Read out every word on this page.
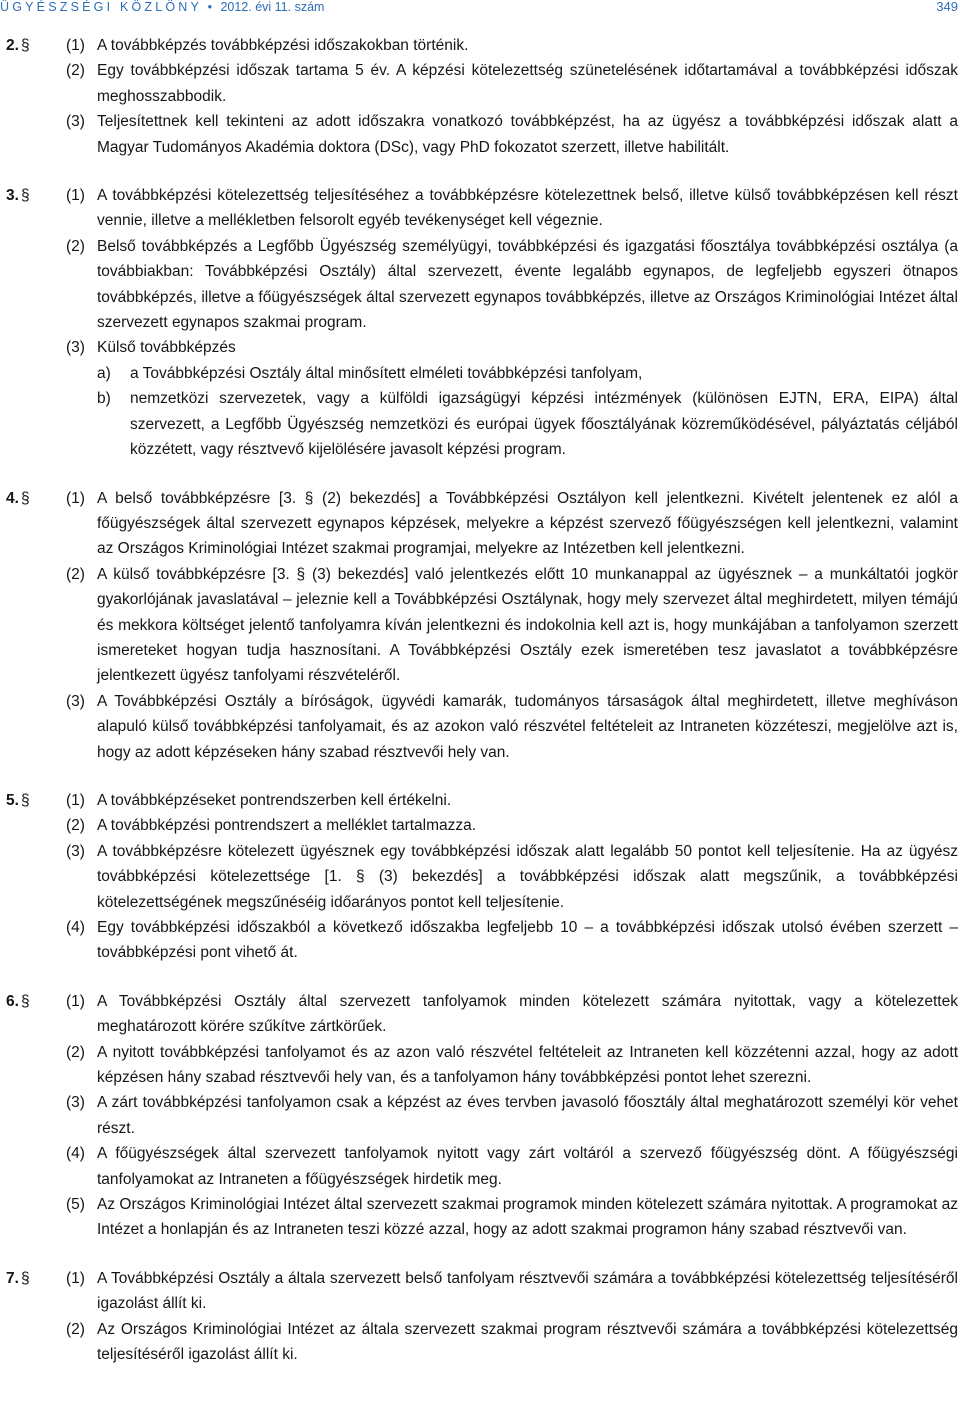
ÜGYÉSZSÉGI KÖZLÖNY • 2012. évi 11. szám	349
2. § (1) A továbbképzés továbbképzési időszakokban történik.

(2) Egy továbbképzési időszak tartama 5 év. A képzési kötelezettség szünetelésének időtartamával a továbbképzési időszak meghosszabbodik.

(3) Teljesítettnek kell tekinteni az adott időszakra vonatkozó továbbképzést, ha az ügyész a továbbképzési időszak alatt a Magyar Tudományos Akadémia doktora (DSc), vagy PhD fokozatot szerzett, illetve habilitált.

3. § (1) A továbbképzési kötelezettség teljesítéséhez a továbbképzésre kötelezettnek belső, illetve külső továbbképzésen kell részt vennie, illetve a mellékletben felsorolt egyéb tevékenységet kell végeznie.

(2) Belső továbbképzés a Legfőbb Ügyészség személyügyi, továbbképzési és igazgatási főosztálya továbbképzési osztálya (a továbbiakban: Továbbképzési Osztály) által szervezett, évente legalább egynapos, de legfeljebb egyszeri ötnapos továbbképzés, illetve a főügyészségek által szervezett egynapos továbbképzés, illetve az Országos Kriminológiai Intézet által szervezett egynapos szakmai program.

(3) Külső továbbképzés

a) a Továbbképzési Osztály által minősített elméleti továbbképzési tanfolyam,

b) nemzetközi szervezetek, vagy a külföldi igazságügyi képzési intézmények (különösen EJTN, ERA, EIPA) által szervezett, a Legfőbb Ügyészség nemzetközi és európai ügyek főosztályának közreműködésével, pályáztatás céljából közzétett, vagy résztvevő kijelölésére javasolt képzési program.

4. § (1) A belső továbbképzésre [3. § (2) bekezdés] a Továbbképzési Osztályon kell jelentkezni. Kivételt jelentenek ez alól a főügyészségek által szervezett egynapos képzések, melyekre a képzést szervező főügyészségen kell jelentkezni, valamint az Országos Kriminológiai Intézet szakmai programjai, melyekre az Intézetben kell jelentkezni.

(2) A külső továbbképzésre [3. § (3) bekezdés] való jelentkezés előtt 10 munkanappal az ügyésznek – a munkáltatói jogkör gyakorlójának javaslatával – jeleznie kell a Továbbképzési Osztálynak, hogy mely szervezet által meghirdetett, milyen témájú és mekkora költséget jelentő tanfolyamra kíván jelentkezni és indokolnia kell azt is, hogy munkájában a tanfolyamon szerzett ismereteket hogyan tudja hasznosítani. A Továbbképzési Osztály ezek ismeretében tesz javaslatot a továbbképzésre jelentkezett ügyész tanfolyami részvételéről.

(3) A Továbbképzési Osztály a bíróságok, ügyvédi kamarák, tudományos társaságok által meghirdetett, illetve meghíváson alapuló külső továbbképzési tanfolyamait, és az azokon való részvétel feltételeit az Intraneten közzéteszi, megjelölve azt is, hogy az adott képzéseken hány szabad résztvevői hely van.

5. § (1) A továbbképzéseket pontrendszerben kell értékelni.

(2) A továbbképzési pontrendszert a melléklet tartalmazza.

(3) A továbbképzésre kötelezett ügyésznek egy továbbképzési időszak alatt legalább 50 pontot kell teljesítenie. Ha az ügyész továbbképzési kötelezettsége [1. § (3) bekezdés] a továbbképzési időszak alatt megszűnik, a továbbképzési kötelezettségének megszűnéséig időarányos pontot kell teljesítenie.

(4) Egy továbbképzési időszakból a következő időszakba legfeljebb 10 – a továbbképzési időszak utolsó évében szerzett – továbbképzési pont vihető át.

6. § (1) A Továbbképzési Osztály által szervezett tanfolyamok minden kötelezett számára nyitottak, vagy a kötelezettek meghatározott körére szűkítve zártkörűek.

(2) A nyitott továbbképzési tanfolyamot és az azon való részvétel feltételeit az Intraneten kell közzétenni azzal, hogy az adott képzésen hány szabad résztvevői hely van, és a tanfolyamon hány továbbképzési pontot lehet szerezni.

(3) A zárt továbbképzési tanfolyamon csak a képzést az éves tervben javasoló főosztály által meghatározott személyi kör vehet részt.

(4) A főügyészségek által szervezett tanfolyamok nyitott vagy zárt voltáról a szervező főügyészség dönt. A főügyészségi tanfolyamokat az Intraneten a főügyészségek hirdetik meg.

(5) Az Országos Kriminológiai Intézet által szervezett szakmai programok minden kötelezett számára nyitottak. A programokat az Intézet a honlapján és az Intraneten teszi közzé azzal, hogy az adott szakmai programon hány szabad résztvevői van.

7. § (1) A Továbbképzési Osztály a általa szervezett belső tanfolyam résztvevői számára a továbbképzési kötelezettség teljesítéséről igazolást állít ki.

(2) Az Országos Kriminológiai Intézet az általa szervezett szakmai program résztvevői számára a továbbképzési kötelezettség teljesítéséről igazolást állít ki.
